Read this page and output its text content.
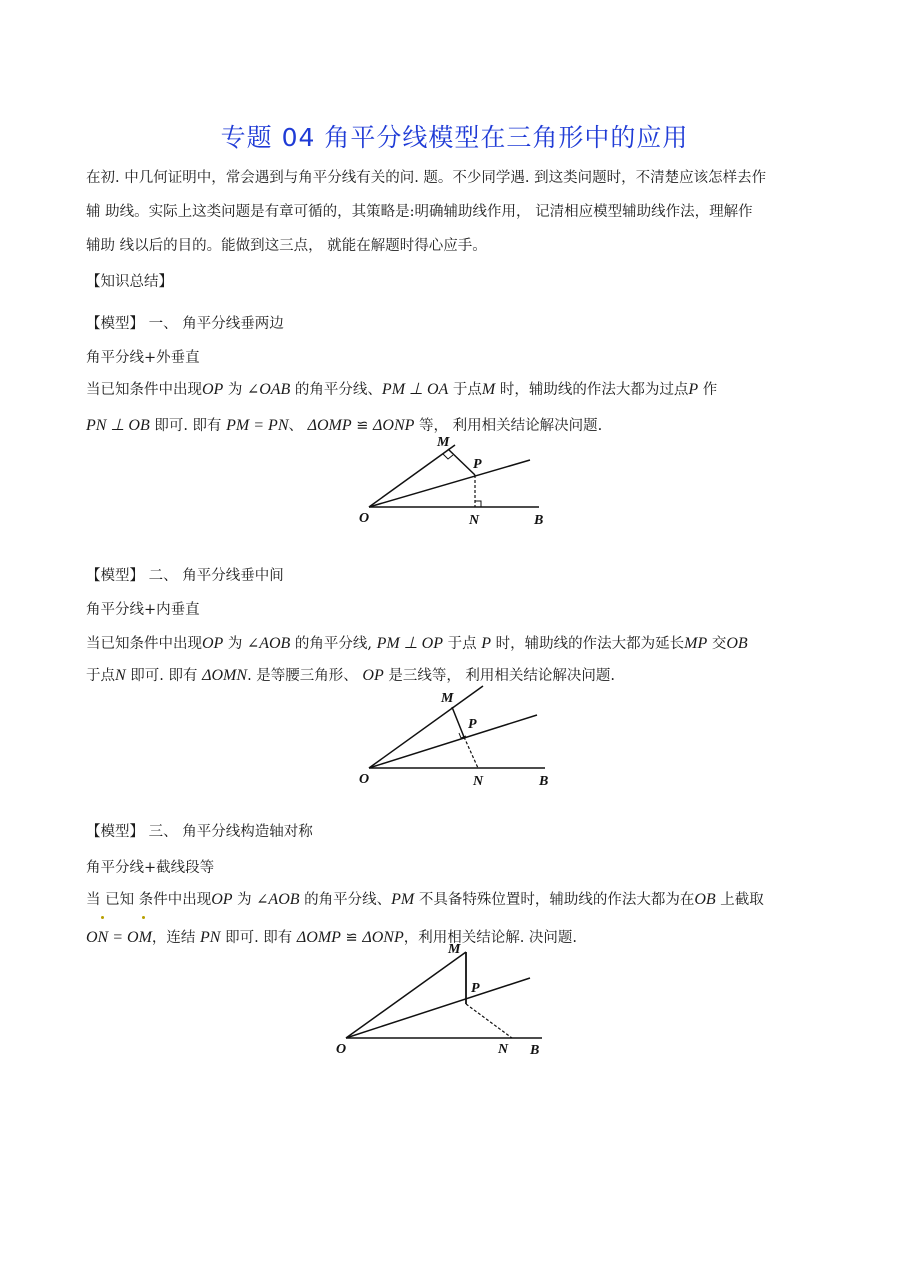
专题 04 角平分线模型在三角形中的应用
在初. 中几何证明中，常会遇到与角平分线有关的问. 题。不少同学遇. 到这类问题时，不清楚应该怎样去作
辅 助线。实际上这类问题是有章可循的，其策略是:明确辅助线作用， 记清相应模型辅助线作法，理解作
辅助 线以后的目的。能做到这三点， 就能在解题时得心应手。
【知识总结】
【模型】 一、 角平分线垂两边
角平分线+外垂直
当已知条件中出现OP 为 ∠OAB 的角平分线、PM ⊥ OA 于点M 时，辅助线的作法大都为过点P 作
PN ⊥ OB 即可. 即有 PM = PN、 ΔOMP ≌ ΔONP 等， 利用相关结论解决问题.
O
M
P
N	B
【模型】 二、 角平分线垂中间
角平分线+内垂直
当已知条件中出现OP 为 ∠AOB 的角平分线, PM ⊥ OP 于点 P 时，辅助线的作法大都为延长MP 交OB
于点N 即可. 即有 ΔOMN. 是等腰三角形、 OP 是三线等， 利用相关结论解决问题.
O
M
P
N	B
【模型】 三、 角平分线构造轴对称
角平分线+截线段等
当 已知 条件中出现OP 为 ∠AOB 的角平分线、PM 不具备特殊位置时，辅助线的作法大都为在OB 上截取
ON = OM，连结 PN 即可. 即有 ΔOMP ≌ ΔONP，利用相关结论解. 决问题.
O
M
P
N B
